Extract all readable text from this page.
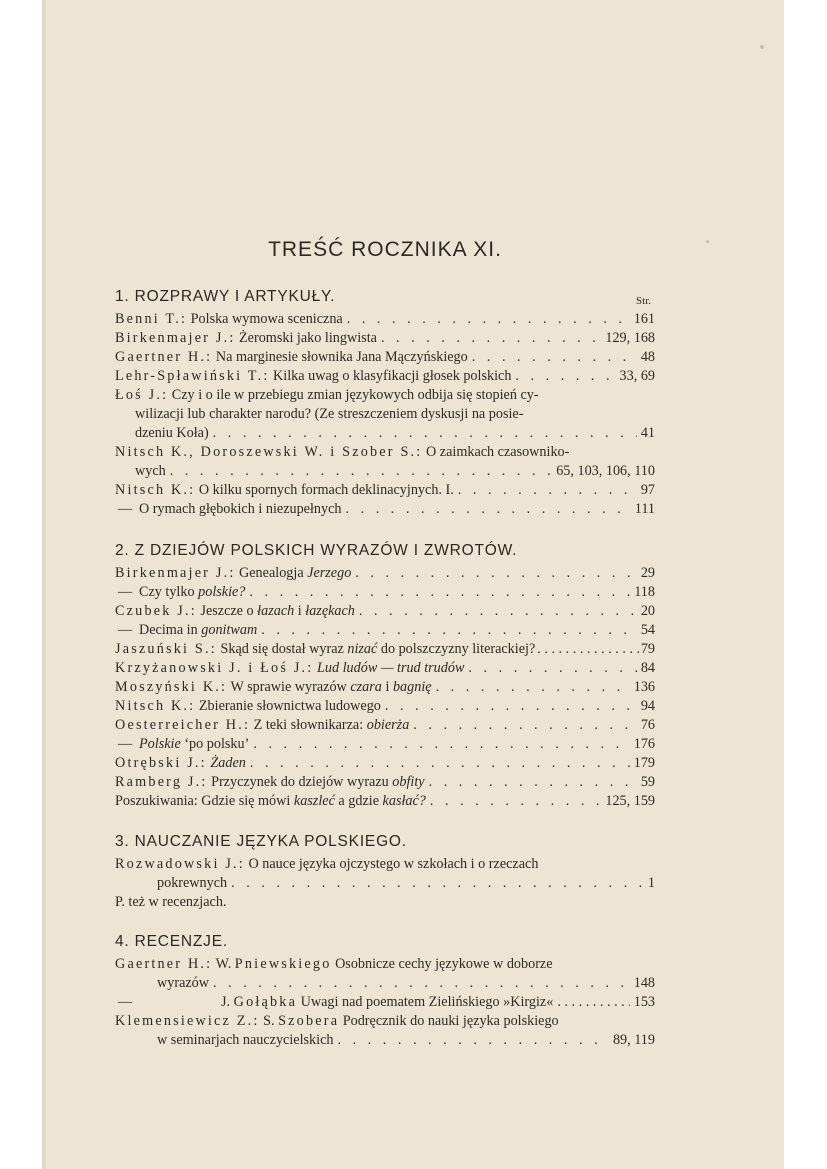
TREŚĆ ROCZNIKA XI.
1. ROZPRAWY I ARTYKUŁY.	Str.
Benni T.: Polska wymowa sceniczna . . .	161
Birkenmajer J.: Żeromski jako lingwista . . .	129, 168
Gaertner H.: Na marginesie słownika Jana Mączyńskiego . . .	48
Lehr-Spławiński T.: Kilka uwag o klasyfikacji głosek polskich . . .	33, 69
Łoś J.: Czy i o ile w przebiegu zmian językowych odbija się stopień cy-
wilizacji lub charakter narodu? (Ze streszczeniem dyskusji na posie-
dzeniu Koła) . . .	41
Nitsch K., Doroszewski W. i Szober S.: O zaimkach czasowniko-
wych . . .	65, 103, 106, 110
Nitsch K.: O kilku spornych formach deklinacyjnych. I. . . .	97
— O rymach głębokich i niezupełnych . . .	111
2. Z DZIEJÓW POLSKICH WYRAZÓW I ZWROTÓW.
Birkenmajer J.: Genealogja Jerzego . . .	29
— Czy tylko polskie? . . .	118
Czubek J.: Jeszcze o łazach i łazękach . . .	20
— Decima in gonitwam . . .	54
Jaszuński S.: Skąd się dostał wyraz nizać do polszczyzny literackiej? . . .	79
Krzyżanowski J. i Łoś J.: Lud ludów — trud trudów . . .	84
Moszyński K.: W sprawie wyrazów czara i bagnię . . .	136
Nitsch K.: Zbieranie słownictwa ludowego . . .	94
Oesterreicher H.: Z teki słownikarza: obierża . . .	76
— Polskie ‘po polsku’ . . .	176
Otrębski J.: Żaden . . .	179
Ramberg J.: Przyczynek do dziejów wyrazu obfity . . .	59
Poszukiwania: Gdzie się mówi kaszleć a gdzie kasłać? . . .	125, 159
3. NAUCZANIE JĘZYKA POLSKIEGO.
Rozwadowski J.: O nauce języka ojczystego w szkołach i o rzeczach
pokrewnych . . .	1
P. też w recenzjach.
4. RECENZJE.
Gaertner H.: W. Pniewskiego Osobnicze cechy językowe w doborze
wyrazów . . .	148
—	J. Gołąbka Uwagi nad poematem Zielińskiego »Kirgiz« . . .	153
Klemensiewicz Z.: S. Szobera Podręcznik do nauki języka polskiego
w seminarjach nauczycielskich . . .	89, 119
